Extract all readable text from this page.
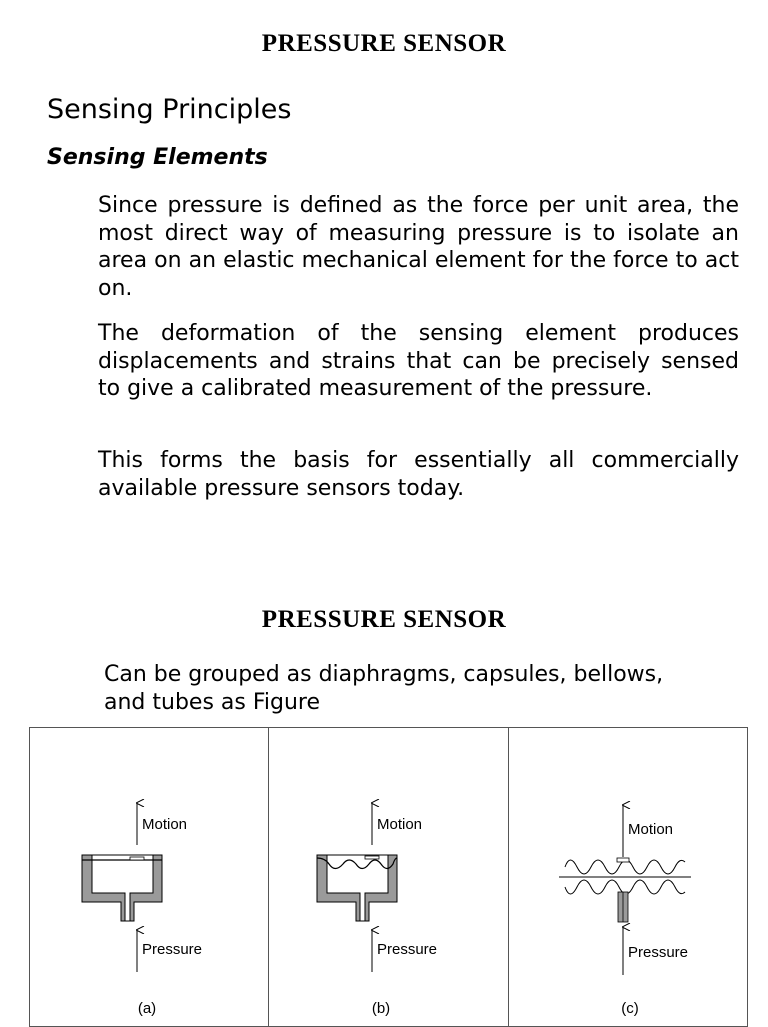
PRESSURE SENSOR
Sensing Principles
Sensing Elements

Since pressure is defined as the force per unit area, the most direct way of measuring pressure is to isolate an area on an elastic mechanical element for the force to act on.

The deformation of the sensing element produces displacements and strains that can be precisely sensed to give a calibrated measurement of the pressure.

This forms the basis for essentially all commercially available pressure sensors today.

PRESSURE SENSOR

Can be grouped as diaphragms, capsules, bellows, and tubes as Figure

Motion
Pressure
(a)
Motion
Pressure
(b)
Motion
Pressure
(c)
